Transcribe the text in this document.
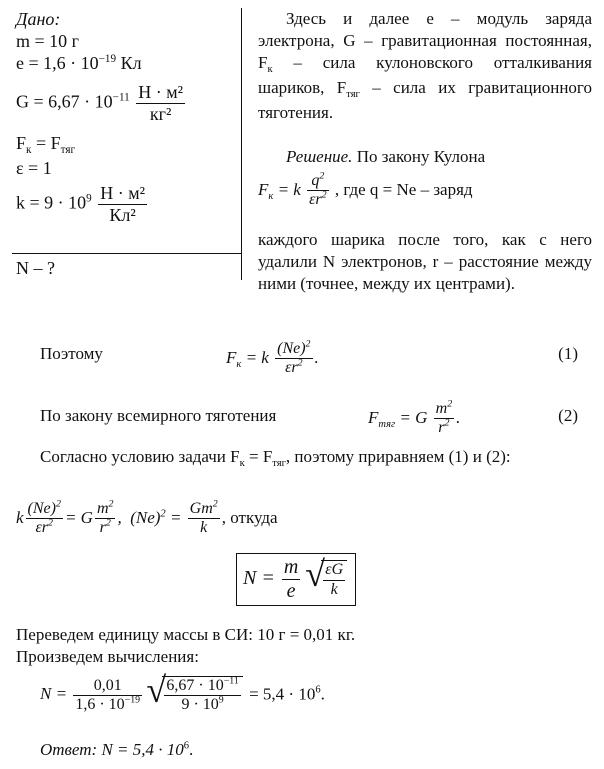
Дано:
m = 10 г
$e = 1,6 \cdot 10^{-19}$ Кл
$G = 6,67 \cdot 10^{-11} \frac{\text{Н · м²}}{\text{кг²}}$
$F_к = F_{тяг}$
ε = 1
$k = 9 \cdot 10^9 \frac{\text{Н · м²}}{\text{Кл²}}$
N – ?

Здесь и далее e – модуль заряда электрона, G – гравитационная постоянная, $F_к$ – сила кулоновского отталкивания шариков, $F_{тяг}$ – сила их гравитационного тяготения.

Решение. По закону Кулона
$F_к = k \frac{q^2}{\varepsilon r^2}$ , где q = Ne – заряд
каждого шарика после того, как с него удалили N электронов, r – расстояние между ними (точнее, между их центрами).
Поэтому	$F_к = k \frac{(Ne)^2}{\varepsilon r^2}$ .	(1)
По закону всемирного тяготения	$F_{тяг} = G \frac{m^2}{r^2}$ .	(2)
Согласно условию задачи $F_к = F_{тяг}$, поэтому приравняем (1) и (2):
k $\frac{(Ne)^2}{\varepsilon r^2} = G \frac{m^2}{r^2}$ ,  $(Ne)^2 = \frac{Gm^2}{k}$ , откуда
$N = \frac{m}{e}$
√ $\frac{\varepsilon G}{k}$
Переведем единицу массы в СИ: 10 г = 0,01 кг.
Произведем вычисления:
$N = \frac{0,01}{1,6 \cdot 10^{-19}}$
√ $\frac{6,67 \cdot 10^{-11}}{9 \cdot 10^9} = 5,4 \cdot 10^6$.
Ответ: $N = 5,4 \cdot 10^6$.
